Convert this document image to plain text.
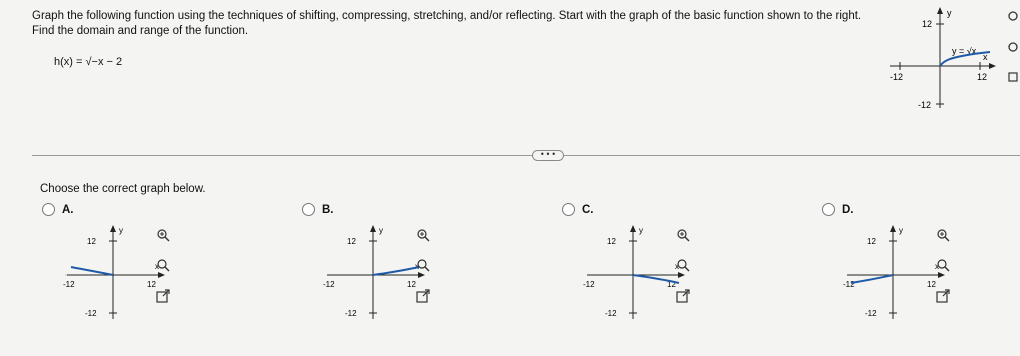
Graph the following function using the techniques of shifting, compressing, stretching, and/or reflecting. Start with the graph of the basic function shown to the right. Find the domain and range of the function.
h(x) = √−x − 2
y
x
12
-12
-12	12
y = √x
• • •
Choose the correct graph below.
A.
y
x
12
-12
-12	12
B.
y
x
12
-12
-12	12
C.
y
x
12
-12
-12	12
D.
y
x
12
-12
-12	12
